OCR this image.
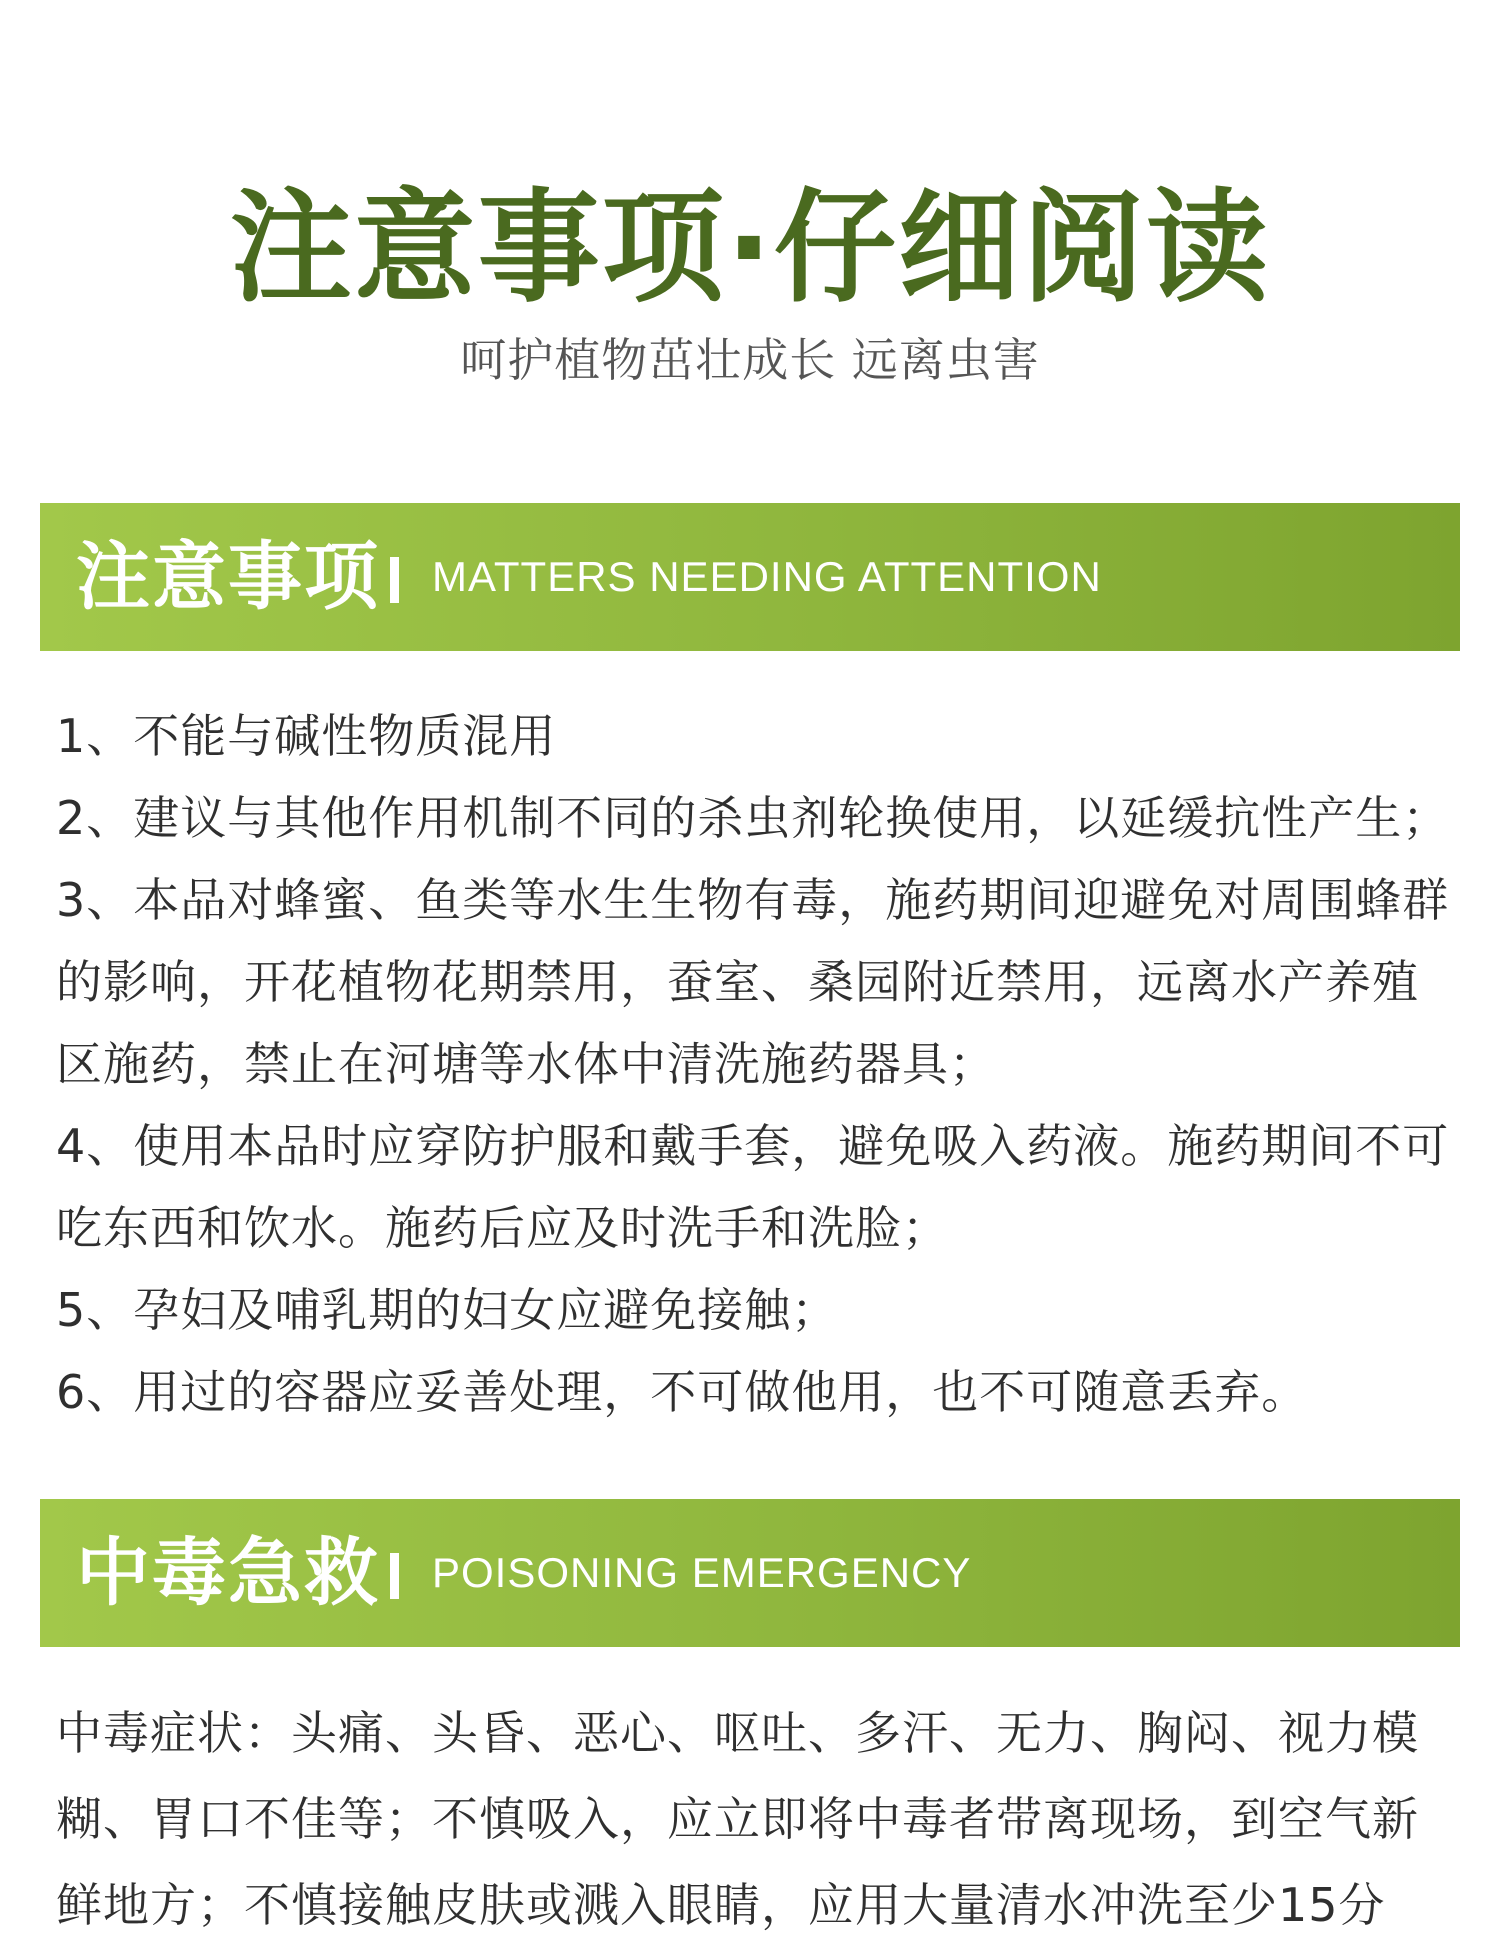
注意事项·仔细阅读
呵护植物茁壮成长 远离虫害
注意事项 MATTERS NEEDING ATTENTION
1、不能与碱性物质混用
2、建议与其他作用机制不同的杀虫剂轮换使用，以延缓抗性产生；
3、本品对蜂蜜、鱼类等水生生物有毒，施药期间迎避免对周围蜂群的影响，开花植物花期禁用，蚕室、桑园附近禁用，远离水产养殖区施药，禁止在河塘等水体中清洗施药器具；
4、使用本品时应穿防护服和戴手套，避免吸入药液。施药期间不可吃东西和饮水。施药后应及时洗手和洗脸；
5、孕妇及哺乳期的妇女应避免接触；
6、用过的容器应妥善处理，不可做他用，也不可随意丢弃。
中毒急救 POISONING EMERGENCY

中毒症状：头痛、头昏、恶心、呕吐、多汗、无力、胸闷、视力模糊、胃口不佳等；不慎吸入，应立即将中毒者带离现场，到空气新鲜地方；不慎接触皮肤或溅入眼睛，应用大量清水冲洗至少15分
